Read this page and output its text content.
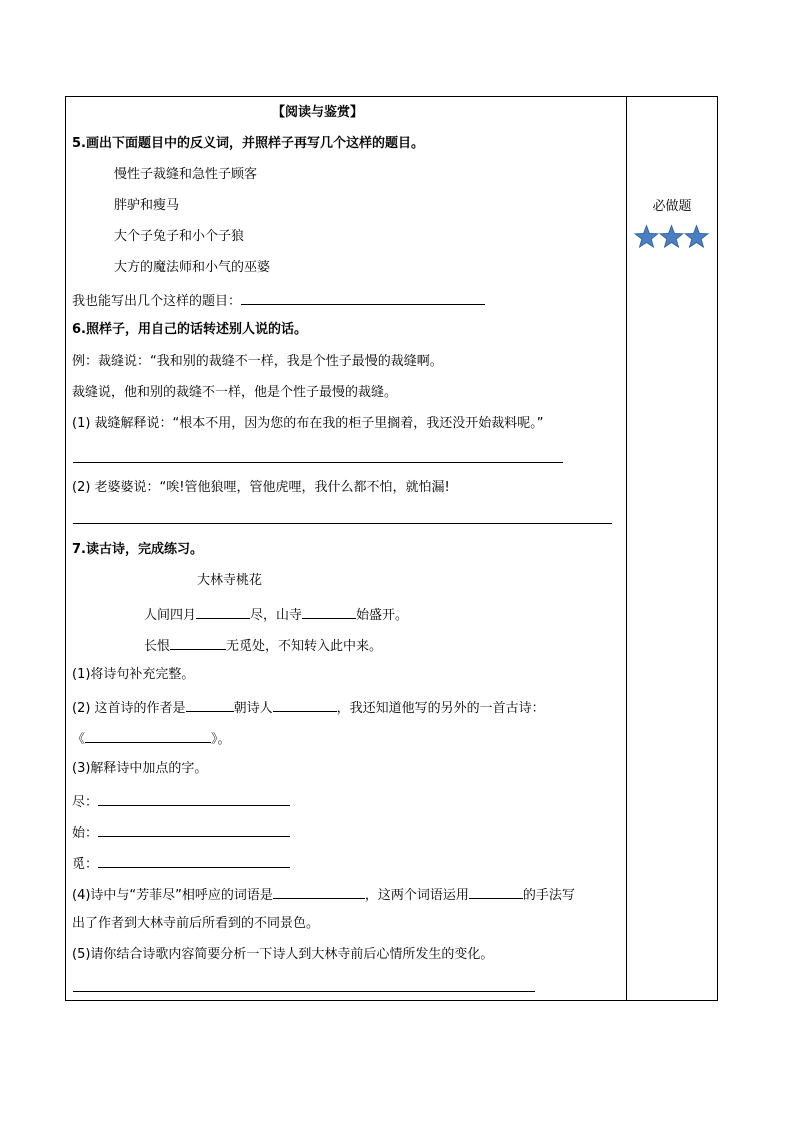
【阅读与鉴赏】
5.画出下面题目中的反义词，并照样子再写几个这样的题目。
慢性子裁缝和急性子顾客
胖驴和瘦马
大个子兔子和小个子狼
大方的魔法师和小气的巫婆
我也能写出几个这样的题目：
6.照样子，用自己的话转述别人说的话。
例：裁缝说：“我和别的裁缝不一样，我是个性子最慢的裁缝啊。
裁缝说，他和别的裁缝不一样，他是个性子最慢的裁缝。
(1) 裁缝解释说：“根本不用，因为您的布在我的柜子里搁着，我还没开始裁料呢。”
(2) 老婆婆说：“唉!管他狼哩，管他虎哩，我什么都不怕，就怕漏!
7.读古诗，完成练习。
大林寺桃花
人间四月	尽，山寺	始盛开。
长恨	无觅处，不知转入此中来。
(1)将诗句补充完整。
(2) 这首诗的作者是	朝诗人	，我还知道他写的另外的一首古诗：
《	》。
(3)解释诗中加点的字。
尽：
始：
觅：
(4)诗中与“芳菲尽”相呼应的词语是	，这两个词语运用	的手法写
出了作者到大林寺前后所看到的不同景色。
(5)请你结合诗歌内容简要分析一下诗人到大林寺前后心情所发生的变化。
必做题
